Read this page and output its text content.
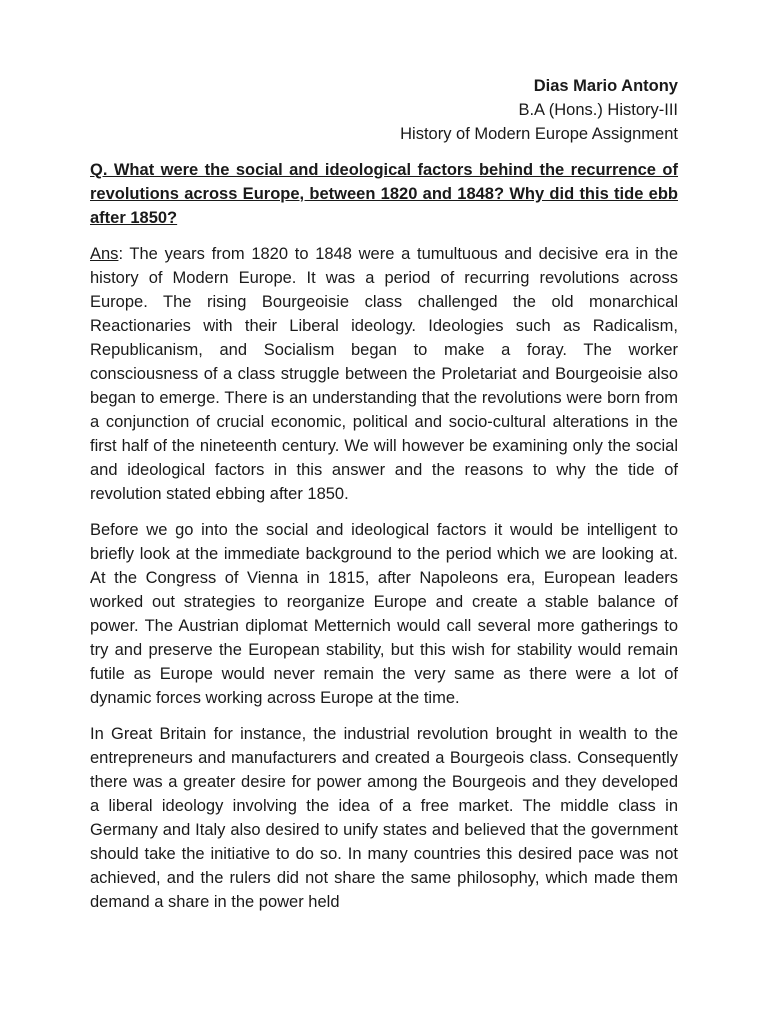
Dias Mario Antony
B.A (Hons.) History-III
History of Modern Europe Assignment

Q. What were the social and ideological factors behind the recurrence of revolutions across Europe, between 1820 and 1848? Why did this tide ebb after 1850?

Ans: The years from 1820 to 1848 were a tumultuous and decisive era in the history of Modern Europe. It was a period of recurring revolutions across Europe. The rising Bourgeoisie class challenged the old monarchical Reactionaries with their Liberal ideology. Ideologies such as Radicalism, Republicanism, and Socialism began to make a foray. The worker consciousness of a class struggle between the Proletariat and Bourgeoisie also began to emerge. There is an understanding that the revolutions were born from a conjunction of crucial economic, political and socio-cultural alterations in the first half of the nineteenth century. We will however be examining only the social and ideological factors in this answer and the reasons to why the tide of revolution stated ebbing after 1850.

Before we go into the social and ideological factors it would be intelligent to briefly look at the immediate background to the period which we are looking at. At the Congress of Vienna in 1815, after Napoleons era, European leaders worked out strategies to reorganize Europe and create a stable balance of power. The Austrian diplomat Metternich would call several more gatherings to try and preserve the European stability, but this wish for stability would remain futile as Europe would never remain the very same as there were a lot of dynamic forces working across Europe at the time.

In Great Britain for instance, the industrial revolution brought in wealth to the entrepreneurs and manufacturers and created a Bourgeois class. Consequently there was a greater desire for power among the Bourgeois and they developed a liberal ideology involving the idea of a free market. The middle class in Germany and Italy also desired to unify states and believed that the government should take the initiative to do so. In many countries this desired pace was not achieved, and the rulers did not share the same philosophy, which made them demand a share in the power held
